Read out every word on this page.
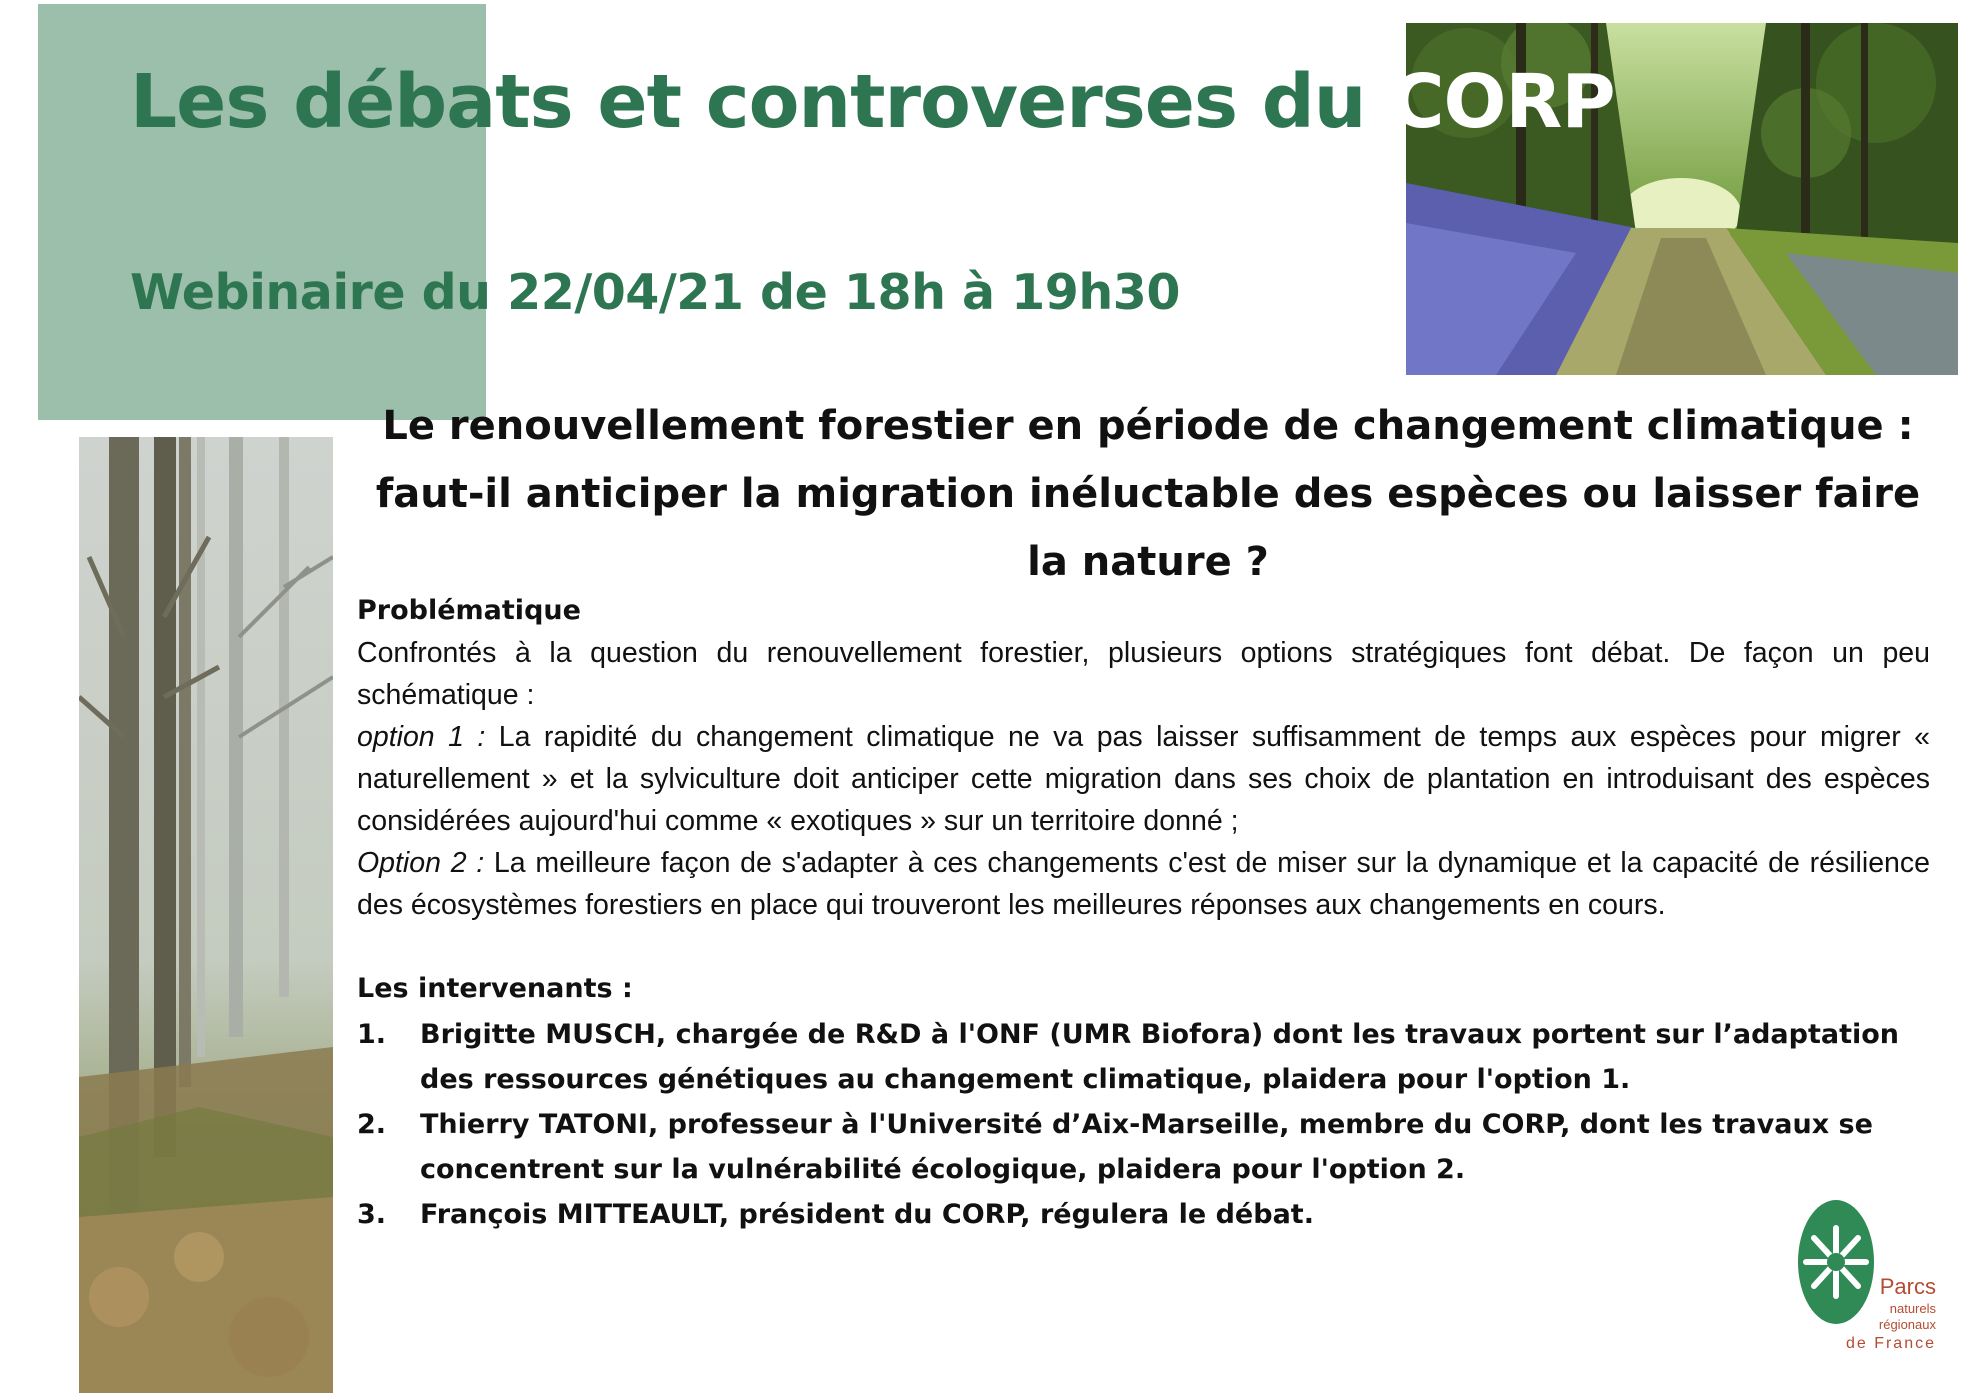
Les débats et controverses du CORP
Webinaire du 22/04/21 de 18h à 19h30
Le renouvellement forestier en période de changement climatique : faut-il anticiper la migration inéluctable des espèces ou laisser faire la nature ?

Problématique

Confrontés à la question du renouvellement forestier, plusieurs options stratégiques font débat. De façon un peu schématique :

option 1 : La rapidité du changement climatique ne va pas laisser suffisamment de temps aux espèces pour migrer « naturellement » et la sylviculture doit anticiper cette migration dans ses choix de plantation en introduisant des espèces considérées aujourd'hui comme « exotiques » sur un territoire donné ;

Option 2 : La meilleure façon de s'adapter à ces changements c'est de miser sur la dynamique et la capacité de résilience des écosystèmes forestiers en place qui trouveront les meilleures réponses aux changements en cours.

Les intervenants :

1. Brigitte MUSCH, chargée de R&D à l'ONF (UMR Biofora) dont les travaux portent sur l’adaptation des ressources génétiques au changement climatique, plaidera pour l'option 1.
2. Thierry TATONI, professeur à l'Université d’Aix-Marseille, membre du CORP, dont les travaux se concentrent sur la vulnérabilité écologique, plaidera pour l'option 2.
3. François MITTEAULT, président du CORP, régulera le débat.
Parcs
naturels
régionaux
de France
